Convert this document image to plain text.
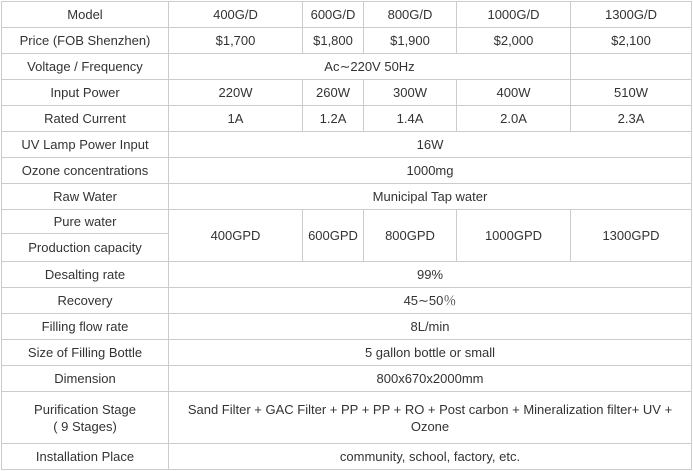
Model	400G/D	600G/D	800G/D	1000G/D	1300G/D
Price (FOB Shenzhen)	$1,700	$1,800	$1,900	$2,000	$2,100
Voltage / Frequency	Ac∼220V 50Hz				
Input Power	220W	260W	300W	400W	510W
Rated Current	1A	1.2A	1.4A	2.0A	2.3A
UV Lamp Power Input	16W				
Ozone concentrations	1000mg				
Raw Water	Municipal Tap water				
Pure water	400GPD	600GPD	800GPD	1000GPD	1300GPD
Production capacity					
Desalting rate	99%				
Recovery	45∼50％				
Filling flow rate	8L/min				
Size of Filling Bottle	5 gallon bottle or small				
Dimension	800x670x2000mm				
Purification Stage
( 9 Stages)	Sand Filter + GAC Filter + PP + PP + RO + Post carbon + Mineralization filter+ UV + Ozone				
Installation Place	community, school, factory, etc.				
